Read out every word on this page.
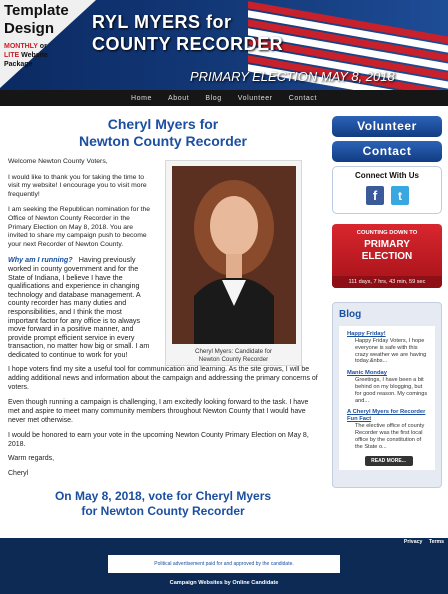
RYL MYERS for
COUNTY RECORDER
PRIMARY ELECTION MAY 8, 2018
Template
Design
MONTHLY or
LITE Website
Package
Home About Blog Volunteer Contact
Cheryl Myers for
Newton County Recorder
Cheryl Myers: Candidate for
Newton County Recorder

Welcome Newton County Voters,

I would like to thank you for taking the time to visit my website! I encourage you to visit more frequently!

I am seeking the Republican nomination for the Office of Newton County Recorder in the Primary Election on May 8, 2018. You are invited to share my campaign push to become your next Recorder of Newton County.

Why am I running? Having previously worked in county government and for the State of Indiana, I believe I have the qualifications and experience in changing technology and database management. A county recorder has many duties and responsibilities, and I think the most important factor for any office is to always move forward in a positive manner, and provide prompt efficient service in every transaction, no matter how big or small. I am dedicated to continue to work for you!

I hope voters find my site a useful tool for communication and learning. As the site grows, I will be adding additional news and information about the campaign and addressing the primary concerns of voters.

Even though running a campaign is challenging, I am excitedly looking forward to the task. I have met and aspire to meet many community members throughout Newton County that I would have never met otherwise.

I would be honored to earn your vote in the upcoming Newton County Primary Election on May 8, 2018.

Warm regards,

Cheryl

On May 8, 2018, vote for Cheryl Myers
for Newton County Recorder
Volunteer
Contact
Connect With Us
f	t
COUNTING DOWN TO
PRIMARY
ELECTION
111 days, 7 hrs, 43 min, 59 sec
Blog
Happy Friday!
Happy Friday Voters, I hope everyone is safe with this crazy weather we are having today.&nbs...
Manic Monday
Greetings, I have been a bit behind on my blogging, but for good reason. My comings and...
A Cheryl Myers for Recorder Fun Fact
The elective office of county Recorder was the first local office by the constitution of the State o...
READ MORE...
Privacy Terms
Political advertisement paid for and approved by the candidate.
Campaign Websites by Online Candidate
